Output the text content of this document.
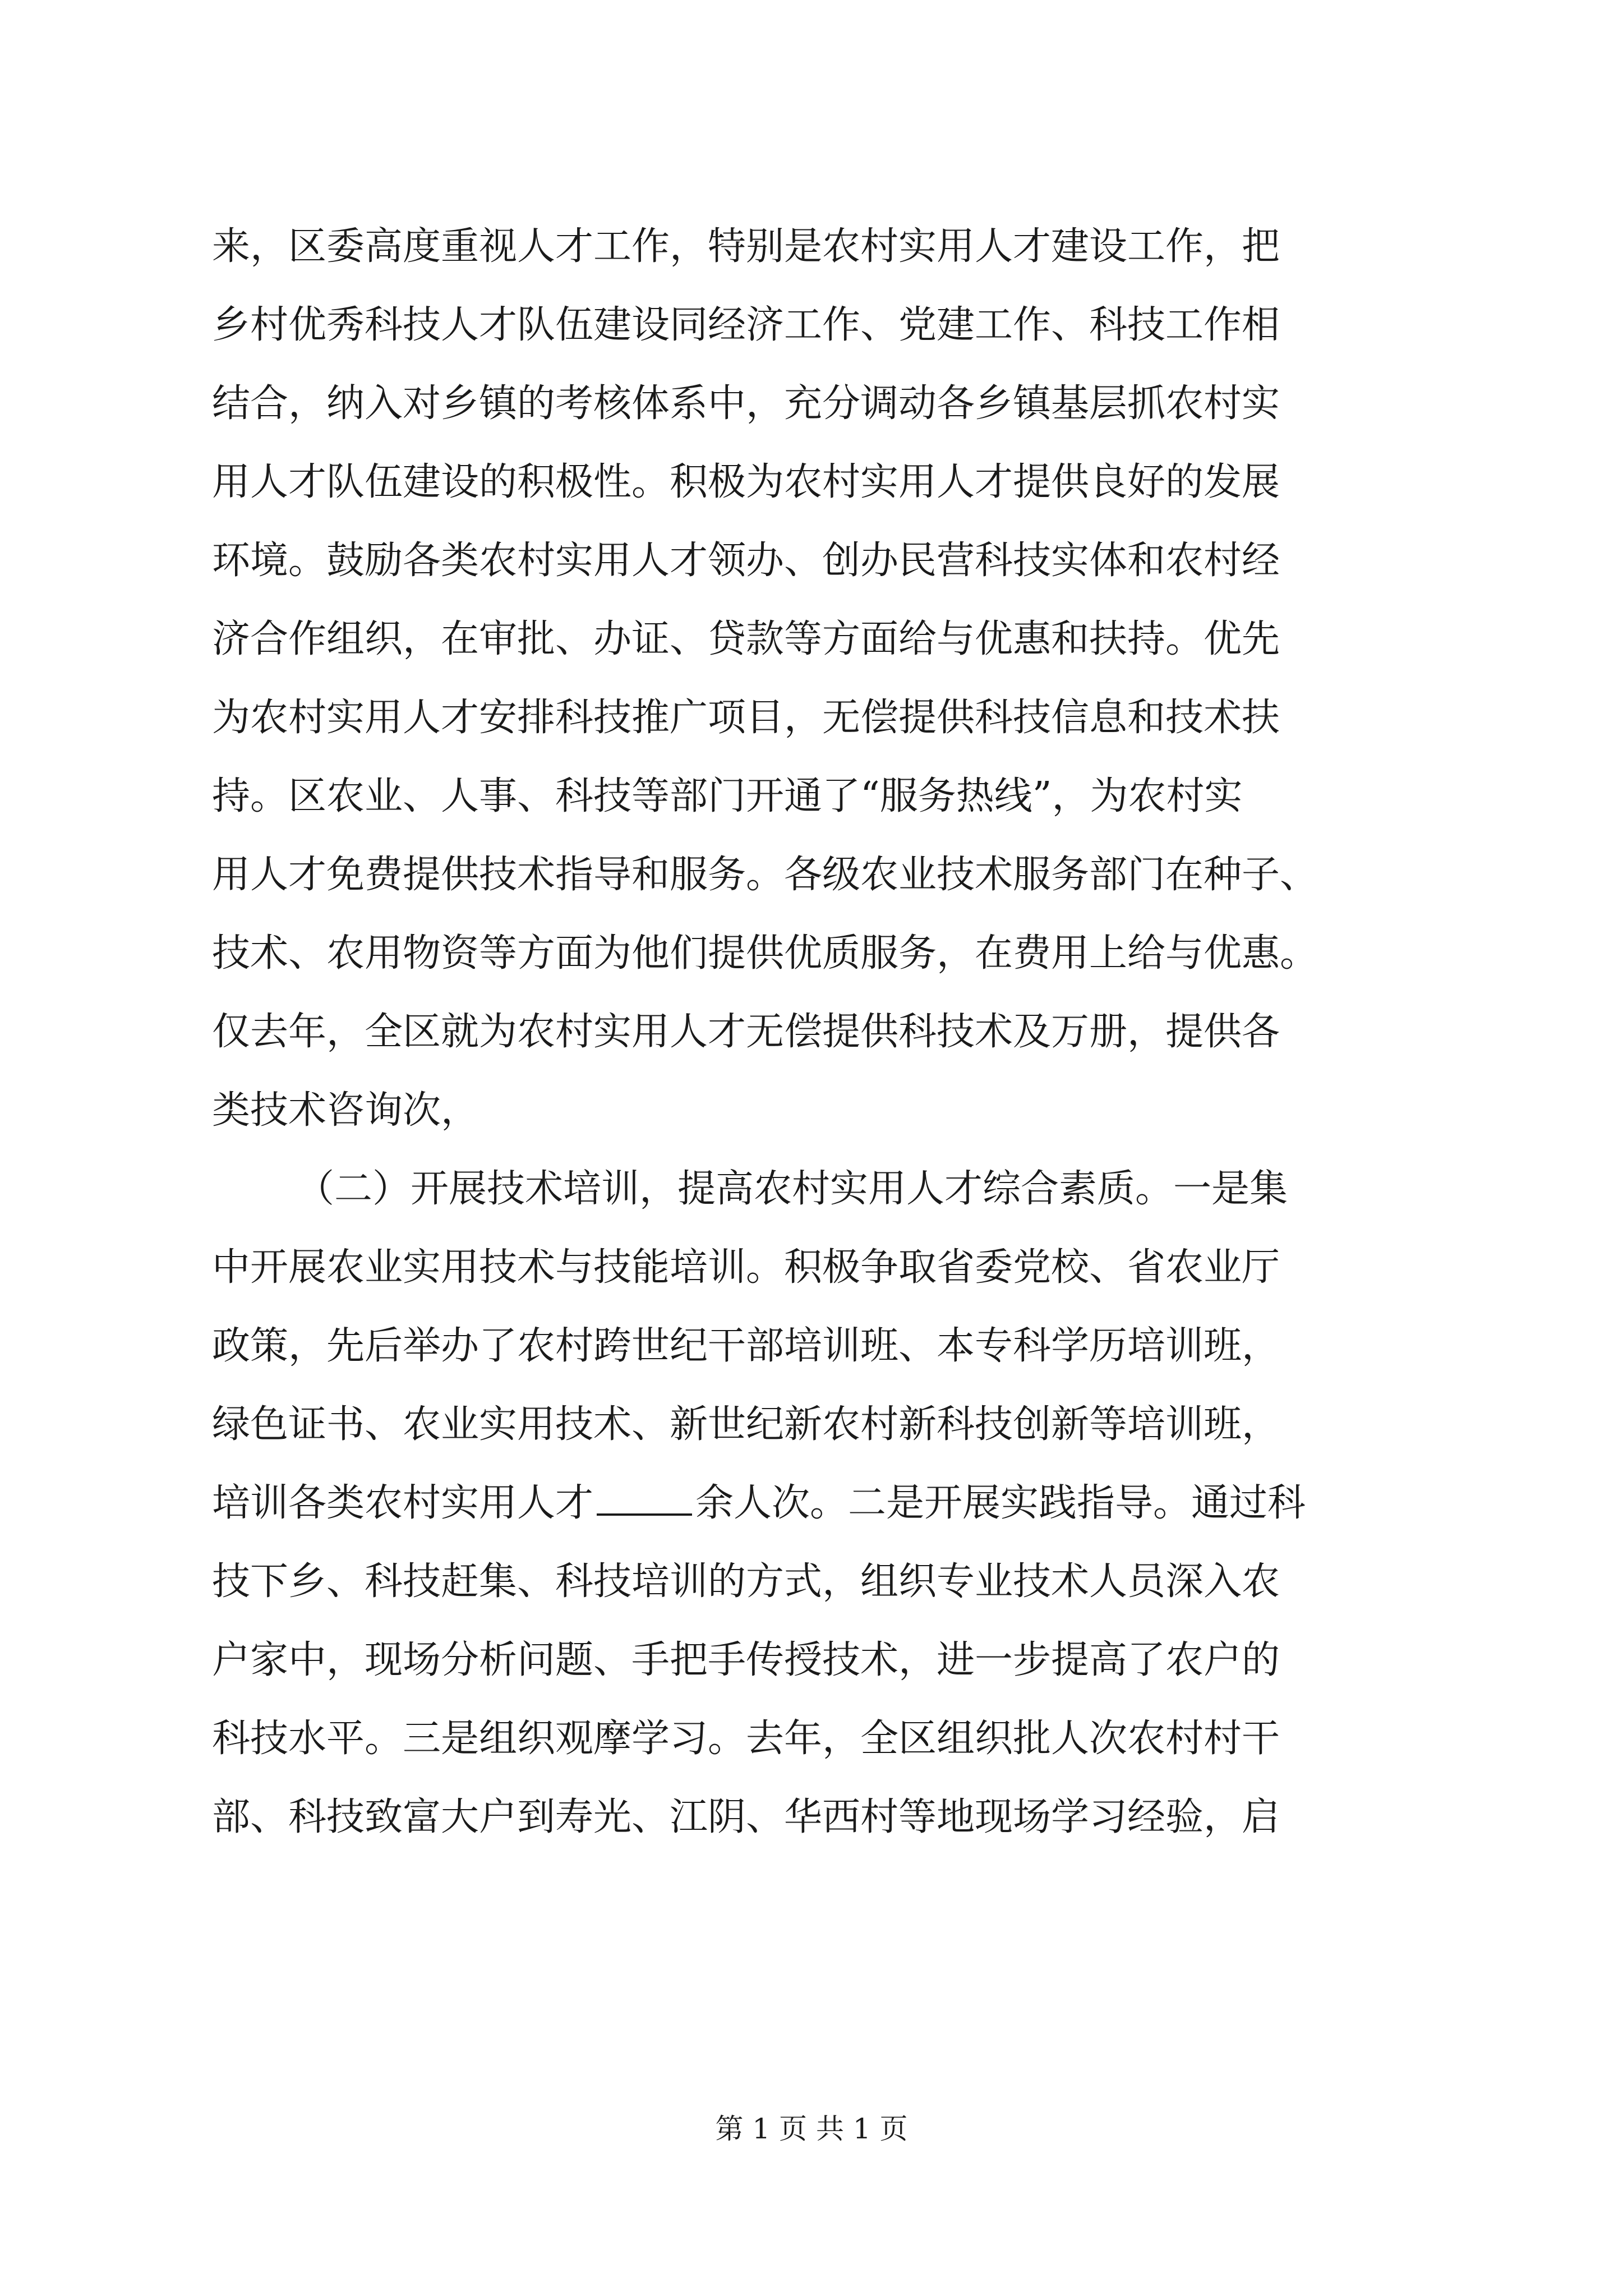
来，区委高度重视人才工作，特别是农村实用人才建设工作，把
乡村优秀科技人才队伍建设同经济工作、党建工作、科技工作相
结合，纳入对乡镇的考核体系中，充分调动各乡镇基层抓农村实
用人才队伍建设的积极性。积极为农村实用人才提供良好的发展
环境。鼓励各类农村实用人才领办、创办民营科技实体和农村经
济合作组织，在审批、办证、贷款等方面给与优惠和扶持。优先
为农村实用人才安排科技推广项目，无偿提供科技信息和技术扶
持。区农业、人事、科技等部门开通了“服务热线”，为农村实
用人才免费提供技术指导和服务。各级农业技术服务部门在种子、
技术、农用物资等方面为他们提供优质服务，在费用上给与优惠。
仅去年，全区就为农村实用人才无偿提供科技术及万册，提供各
类技术咨询次，
（二）开展技术培训，提高农村实用人才综合素质。一是集
中开展农业实用技术与技能培训。积极争取省委党校、省农业厅
政策，先后举办了农村跨世纪干部培训班、本专科学历培训班，
绿色证书、农业实用技术、新世纪新农村新科技创新等培训班，
培训各类农村实用人才	余人次。二是开展实践指导。通过科
技下乡、科技赶集、科技培训的方式，组织专业技术人员深入农
户家中，现场分析问题、手把手传授技术，进一步提高了农户的
科技水平。三是组织观摩学习。去年，全区组织批人次农村村干
部、科技致富大户到寿光、江阴、华西村等地现场学习经验，启
第 1 页 共 1 页
